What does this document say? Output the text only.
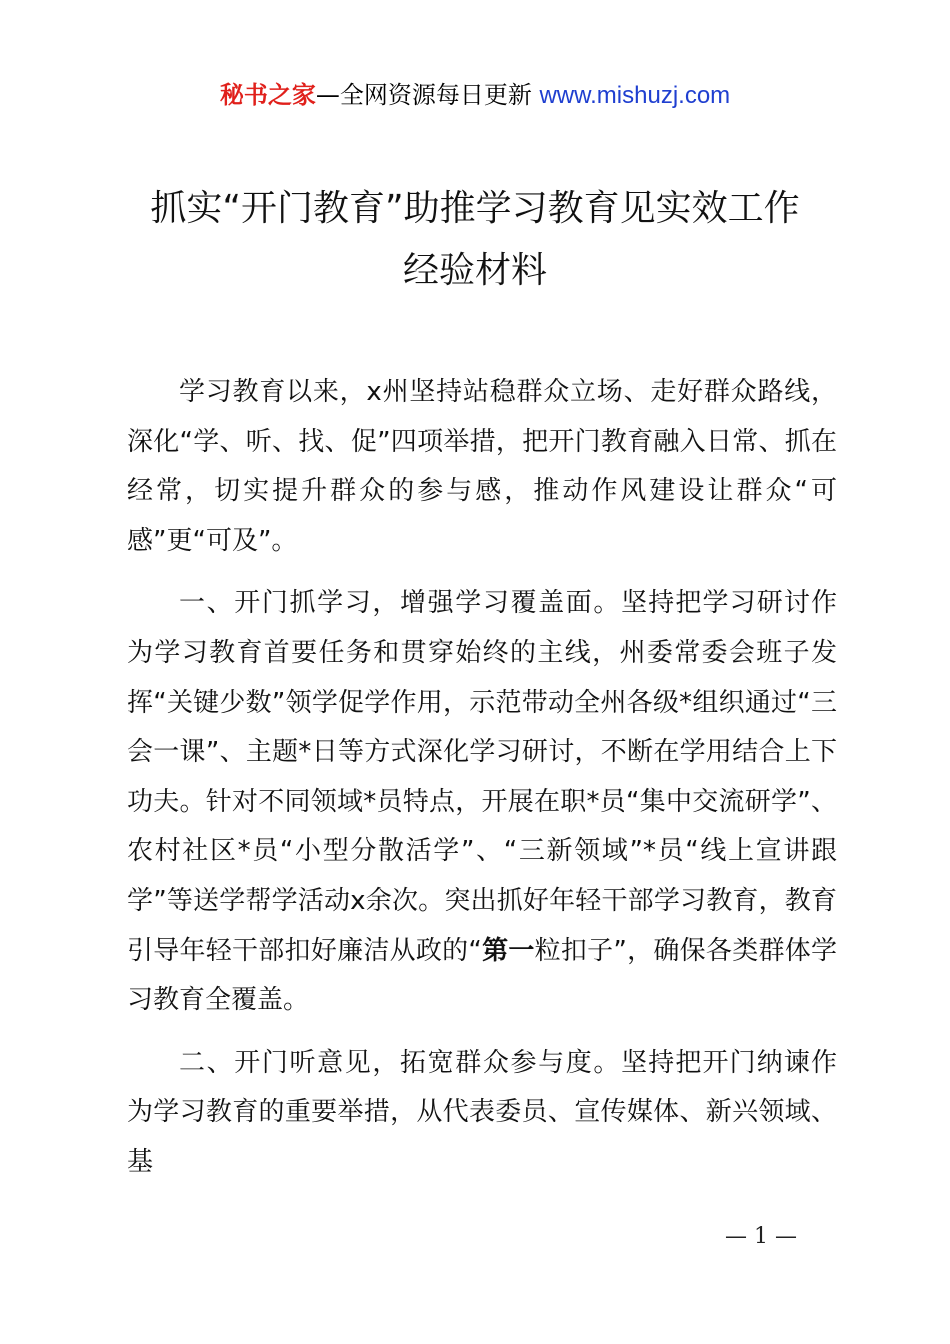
秘书之家—全网资源每日更新 www.mishuzj.com
抓实“开门教育”助推学习教育见实效工作
经验材料

学习教育以来，x州坚持站稳群众立场、走好群众路线，深化“学、听、找、促”四项举措，把开门教育融入日常、抓在经常，切实提升群众的参与感，推动作风建设让群众“可感”更“可及”。

一、开门抓学习，增强学习覆盖面。坚持把学习研讨作为学习教育首要任务和贯穿始终的主线，州委常委会班子发挥“关键少数”领学促学作用，示范带动全州各级*组织通过“三会一课”、主题*日等方式深化学习研讨，不断在学用结合上下功夫。针对不同领域*员特点，开展在职*员“集中交流研学”、农村社区*员“小型分散活学”、“三新领域”*员“线上宣讲跟学”等送学帮学活动x余次。突出抓好年轻干部学习教育，教育引导年轻干部扣好廉洁从政的“第一粒扣子”，确保各类群体学习教育全覆盖。

二、开门听意见，拓宽群众参与度。坚持把开门纳谏作为学习教育的重要举措，从代表委员、宣传媒体、新兴领域、基

— 1 —
